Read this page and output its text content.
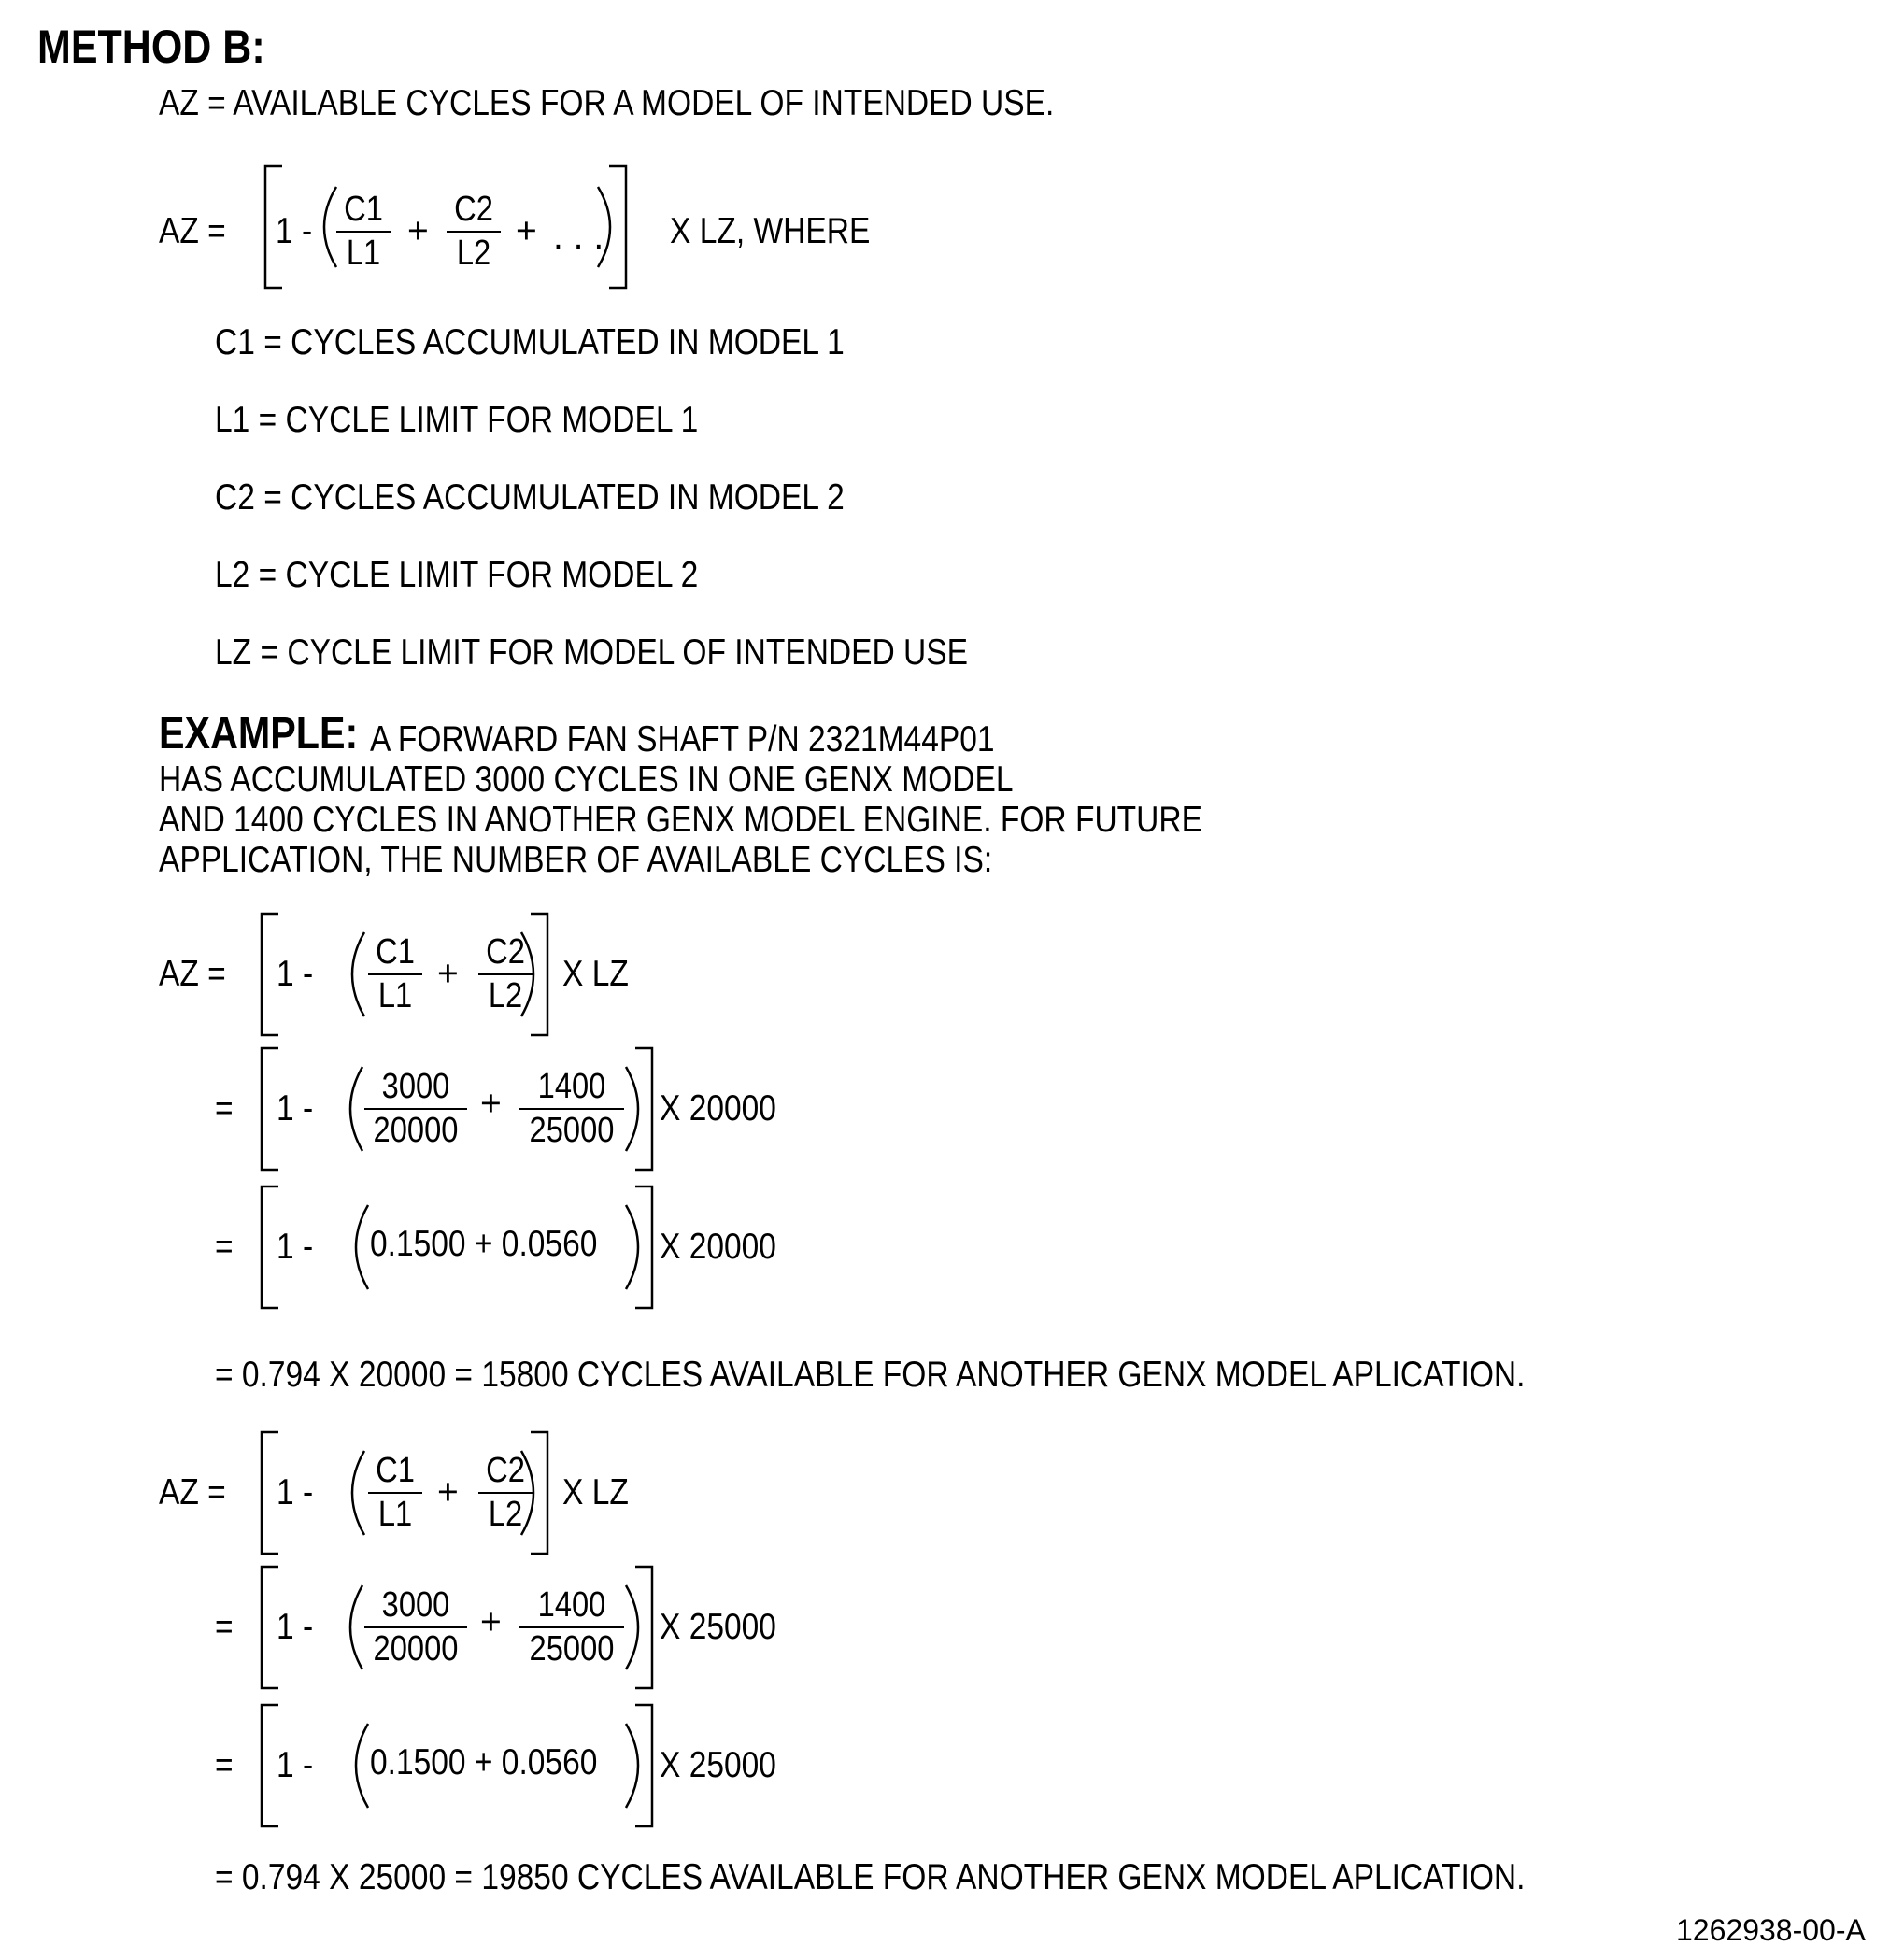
METHOD B:
AZ = AVAILABLE CYCLES FOR A MODEL OF INTENDED USE.
AZ = 1 -
C1
L1
+
C2
L2
+ . . . X LZ, WHERE
C1 = CYCLES ACCUMULATED IN MODEL 1
L1 = CYCLE LIMIT FOR MODEL 1
C2 = CYCLES ACCUMULATED IN MODEL 2
L2 = CYCLE LIMIT FOR MODEL 2
LZ = CYCLE LIMIT FOR MODEL OF INTENDED USE
EXAMPLE: A FORWARD FAN SHAFT P/N 2321M44P01
HAS ACCUMULATED 3000 CYCLES IN ONE GENX MODEL
AND 1400 CYCLES IN ANOTHER GENX MODEL ENGINE. FOR FUTURE
APPLICATION, THE NUMBER OF AVAILABLE CYCLES IS:
AZ = 1 -
C1
L1
+
C2
L2
X LZ
= 1 -
3000
20000
+	1400
25000
X 20000
= 1 - 0.1500 + 0.0560 X 20000
= 0.794 X 20000 = 15800 CYCLES AVAILABLE FOR ANOTHER GENX MODEL APLICATION.
AZ = 1 -
C1
L1
+
C2
L2
X LZ
= 1 -
3000
20000
+	1400
25000
X 25000
= 1 - 0.1500 + 0.0560 X 25000
= 0.794 X 25000 = 19850 CYCLES AVAILABLE FOR ANOTHER GENX MODEL APLICATION.
1262938-00-A
